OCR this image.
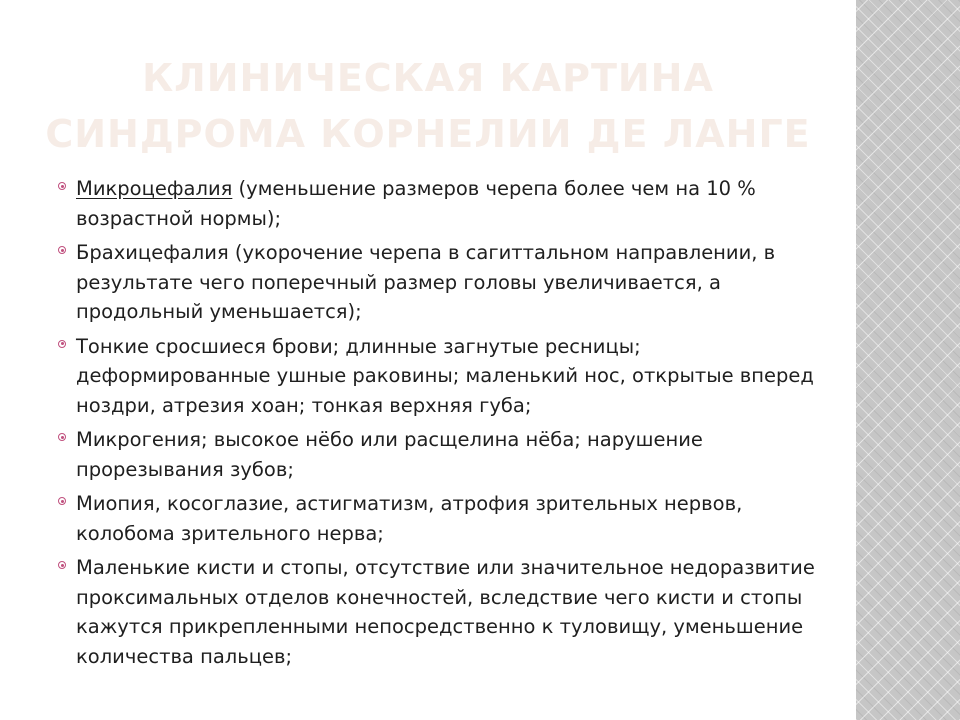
КЛИНИЧЕСКАЯ КАРТИНА
СИНДРОМА КОРНЕЛИИ ДЕ ЛАНГЕ
Микроцефалия (уменьшение размеров черепа более чем на 10 % возрастной нормы);
Брахицефалия (укорочение черепа в сагиттальном направлении, в результате чего поперечный размер головы увеличивается, а продольный уменьшается);
Тонкие сросшиеся брови; длинные загнутые ресницы; деформированные ушные раковины; маленький нос, открытые вперед ноздри, атрезия хоан; тонкая верхняя губа;
Микрогения; высокое нёбо или расщелина нёба; нарушение прорезывания зубов;
Миопия, косоглазие, астигматизм, атрофия зрительных нервов, колобома зрительного нерва;
Маленькие кисти и стопы, отсутствие или значительное недоразвитие проксимальных отделов конечностей, вследствие чего кисти и стопы кажутся прикрепленными непосредственно к туловищу, уменьшение количества пальцев;
